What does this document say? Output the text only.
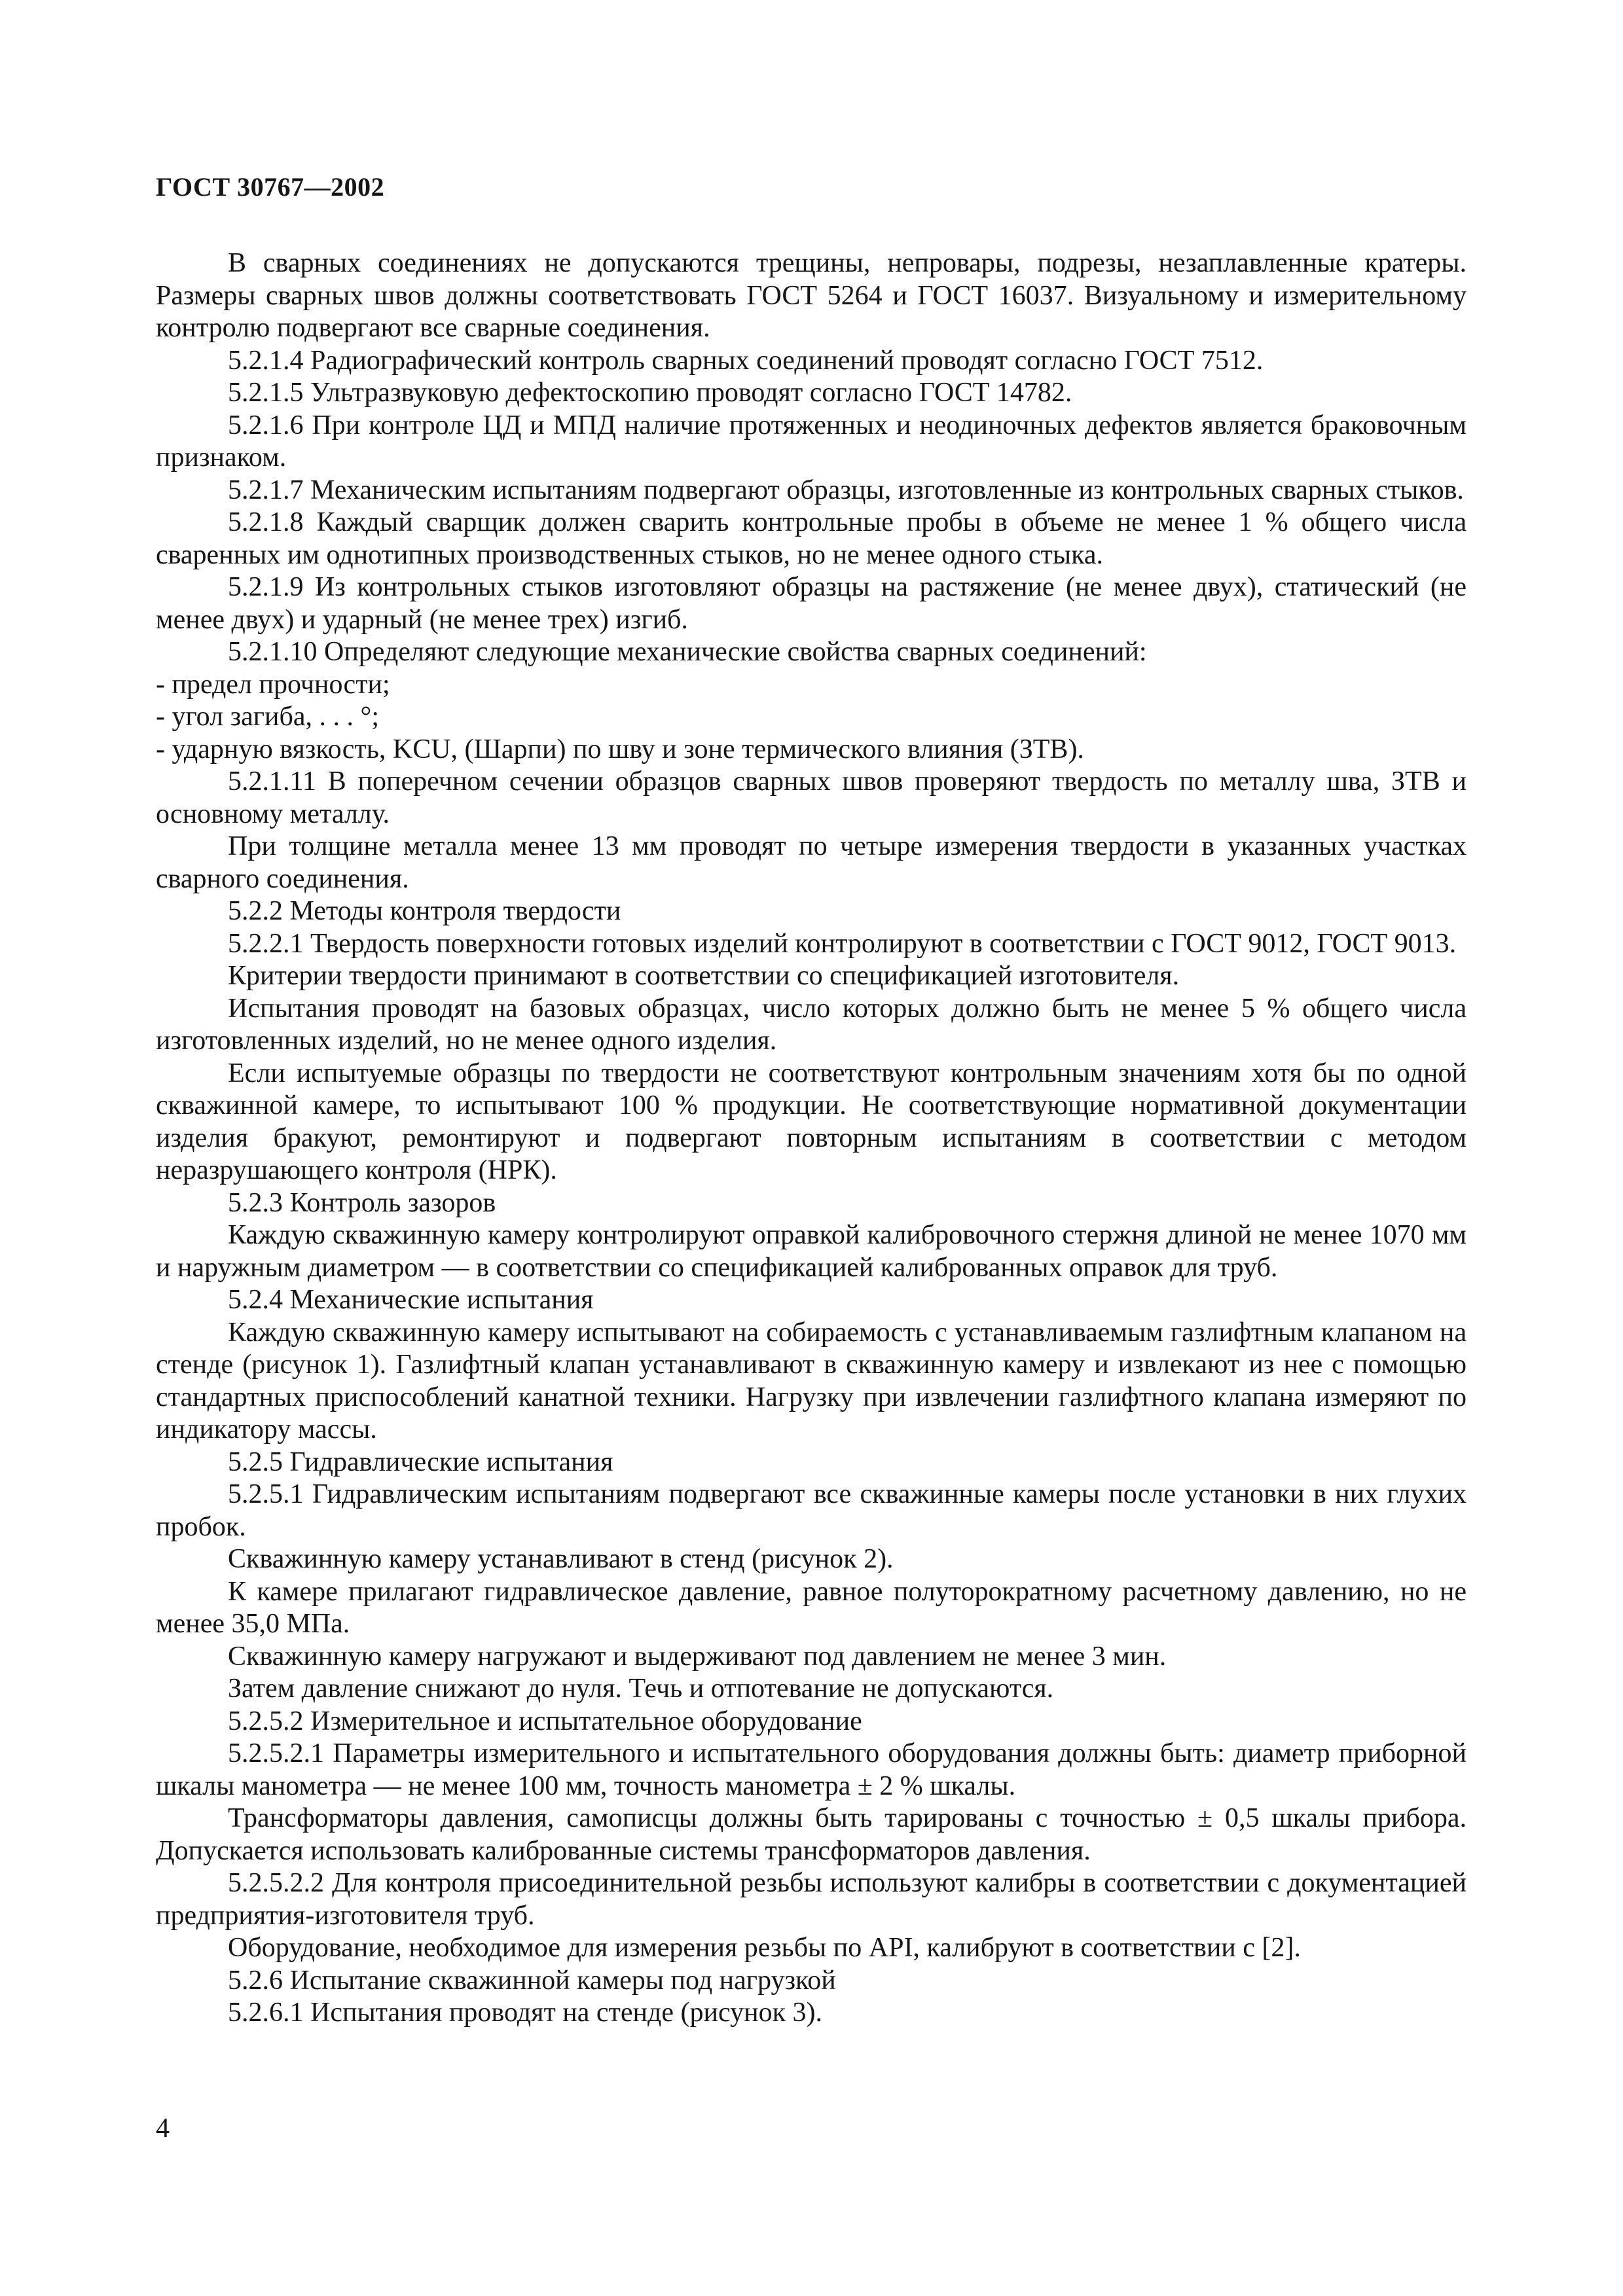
ГОСТ 30767—2002

В сварных соединениях не допускаются трещины, непровары, подрезы, незаплавленные кратеры. Размеры сварных швов должны соответствовать ГОСТ 5264 и ГОСТ 16037. Визуальному и измерительному контролю подвергают все сварные соединения.

5.2.1.4 Радиографический контроль сварных соединений проводят согласно ГОСТ 7512.

5.2.1.5 Ультразвуковую дефектоскопию проводят согласно ГОСТ 14782.

5.2.1.6 При контроле ЦД и МПД наличие протяженных и неодиночных дефектов является браковочным признаком.

5.2.1.7 Механическим испытаниям подвергают образцы, изготовленные из контрольных сварных стыков.

5.2.1.8 Каждый сварщик должен сварить контрольные пробы в объеме не менее 1 % общего числа сваренных им однотипных производственных стыков, но не менее одного стыка.

5.2.1.9 Из контрольных стыков изготовляют образцы на растяжение (не менее двух), статический (не менее двух) и ударный (не менее трех) изгиб.

5.2.1.10 Определяют следующие механические свойства сварных соединений:

- предел прочности;

- угол загиба, . . . °;

- ударную вязкость, KCU, (Шарпи) по шву и зоне термического влияния (ЗТВ).

5.2.1.11 В поперечном сечении образцов сварных швов проверяют твердость по металлу шва, ЗТВ и основному металлу.

При толщине металла менее 13 мм проводят по четыре измерения твердости в указанных участках сварного соединения.

5.2.2 Методы контроля твердости

5.2.2.1 Твердость поверхности готовых изделий контролируют в соответствии с ГОСТ 9012, ГОСТ 9013.

Критерии твердости принимают в соответствии со спецификацией изготовителя.

Испытания проводят на базовых образцах, число которых должно быть не менее 5 % общего числа изготовленных изделий, но не менее одного изделия.

Если испытуемые образцы по твердости не соответствуют контрольным значениям хотя бы по одной скважинной камере, то испытывают 100 % продукции. Не соответствующие нормативной документации изделия бракуют, ремонтируют и подвергают повторным испытаниям в соответствии с методом неразрушающего контроля (НРК).

5.2.3 Контроль зазоров

Каждую скважинную камеру контролируют оправкой калибровочного стержня длиной не менее 1070 мм и наружным диаметром — в соответствии со спецификацией калиброванных оправок для труб.

5.2.4 Механические испытания

Каждую скважинную камеру испытывают на собираемость с устанавливаемым газлифтным клапаном на стенде (рисунок 1). Газлифтный клапан устанавливают в скважинную камеру и извлекают из нее с помощью стандартных приспособлений канатной техники. Нагрузку при извлечении газлифтного клапана измеряют по индикатору массы.

5.2.5 Гидравлические испытания

5.2.5.1 Гидравлическим испытаниям подвергают все скважинные камеры после установки в них глухих пробок.

Скважинную камеру устанавливают в стенд (рисунок 2).

К камере прилагают гидравлическое давление, равное полуторократному расчетному давлению, но не менее 35,0 МПа.

Скважинную камеру нагружают и выдерживают под давлением не менее 3 мин.

Затем давление снижают до нуля. Течь и отпотевание не допускаются.

5.2.5.2 Измерительное и испытательное оборудование

5.2.5.2.1 Параметры измерительного и испытательного оборудования должны быть: диаметр приборной шкалы манометра — не менее 100 мм, точность манометра ± 2 % шкалы.

Трансформаторы давления, самописцы должны быть тарированы с точностью ± 0,5 шкалы прибора. Допускается использовать калиброванные системы трансформаторов давления.

5.2.5.2.2 Для контроля присоединительной резьбы используют калибры в соответствии с документацией предприятия-изготовителя труб.

Оборудование, необходимое для измерения резьбы по API, калибруют в соответствии с [2].

5.2.6 Испытание скважинной камеры под нагрузкой

5.2.6.1 Испытания проводят на стенде (рисунок 3).

4
